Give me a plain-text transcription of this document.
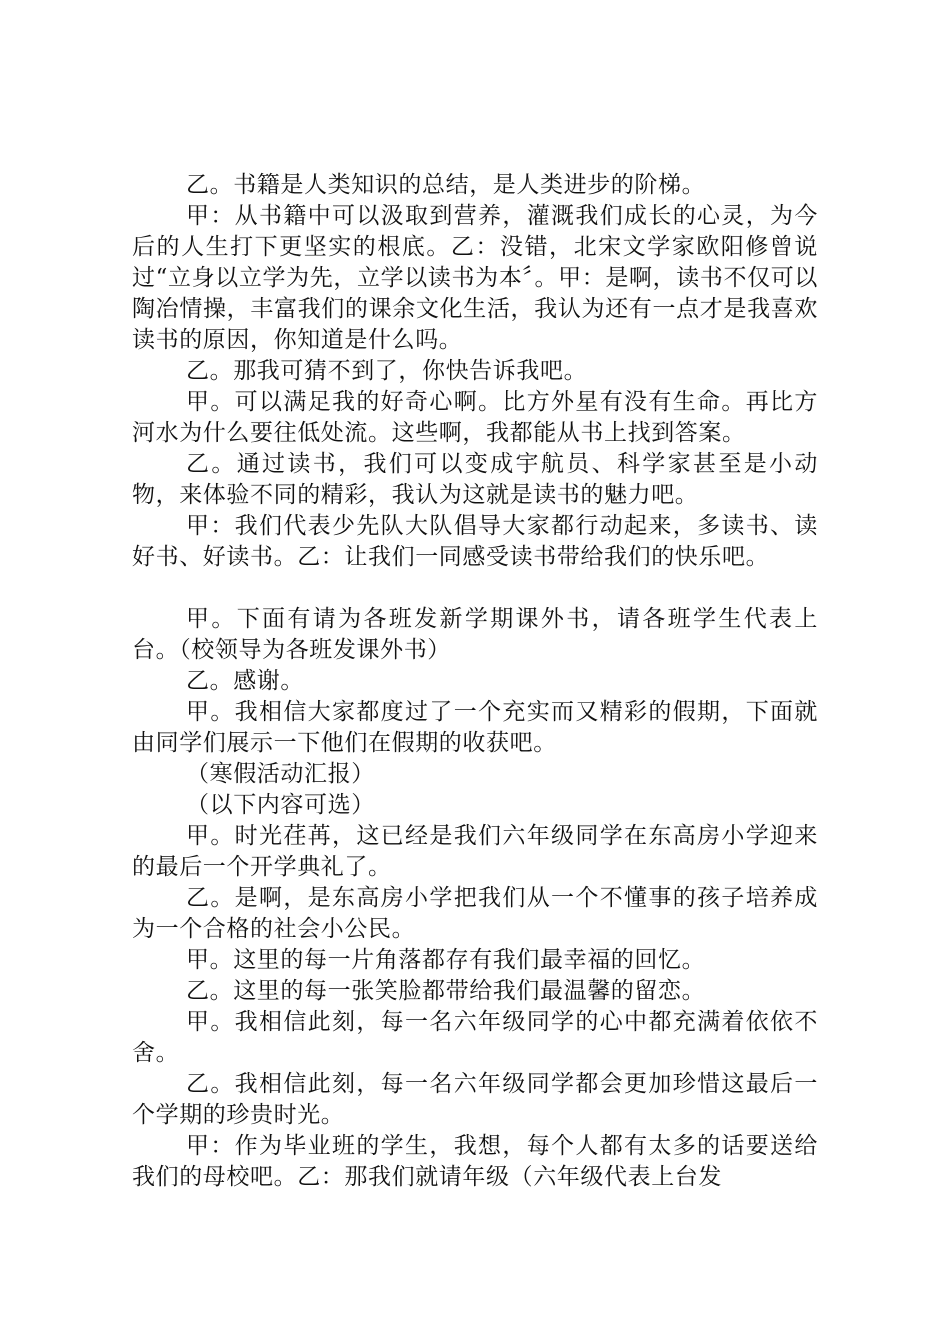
乙。书籍是人类知识的总结，是人类进步的阶梯。

甲：从书籍中可以汲取到营养，灌溉我们成长的心灵，为今后的人生打下更坚实的根底。乙：没错，北宋文学家欧阳修曾说过“立身以立学为先，立学以读书为本〞。甲：是啊，读书不仅可以陶冶情操，丰富我们的课余文化生活，我认为还有一点才是我喜欢读书的原因，你知道是什么吗。

乙。那我可猜不到了，你快告诉我吧。

甲。可以满足我的好奇心啊。比方外星有没有生命。再比方河水为什么要往低处流。这些啊，我都能从书上找到答案。

乙。通过读书，我们可以变成宇航员、科学家甚至是小动物，来体验不同的精彩，我认为这就是读书的魅力吧。

甲：我们代表少先队大队倡导大家都行动起来，多读书、读好书、好读书。乙：让我们一同感受读书带给我们的快乐吧。

甲。下面有请为各班发新学期课外书，请各班学生代表上台。（校领导为各班发课外书）

乙。感谢。

甲。我相信大家都度过了一个充实而又精彩的假期，下面就由同学们展示一下他们在假期的收获吧。

（寒假活动汇报）

（以下内容可选）

甲。时光荏苒，这已经是我们六年级同学在东高房小学迎来的最后一个开学典礼了。

乙。是啊，是东高房小学把我们从一个不懂事的孩子培养成为一个合格的社会小公民。

甲。这里的每一片角落都存有我们最幸福的回忆。

乙。这里的每一张笑脸都带给我们最温馨的留恋。

甲。我相信此刻，每一名六年级同学的心中都充满着依依不舍。

乙。我相信此刻，每一名六年级同学都会更加珍惜这最后一个学期的珍贵时光。

甲：作为毕业班的学生，我想，每个人都有太多的话要送给我们的母校吧。乙：那我们就请年级（六年级代表上台发
